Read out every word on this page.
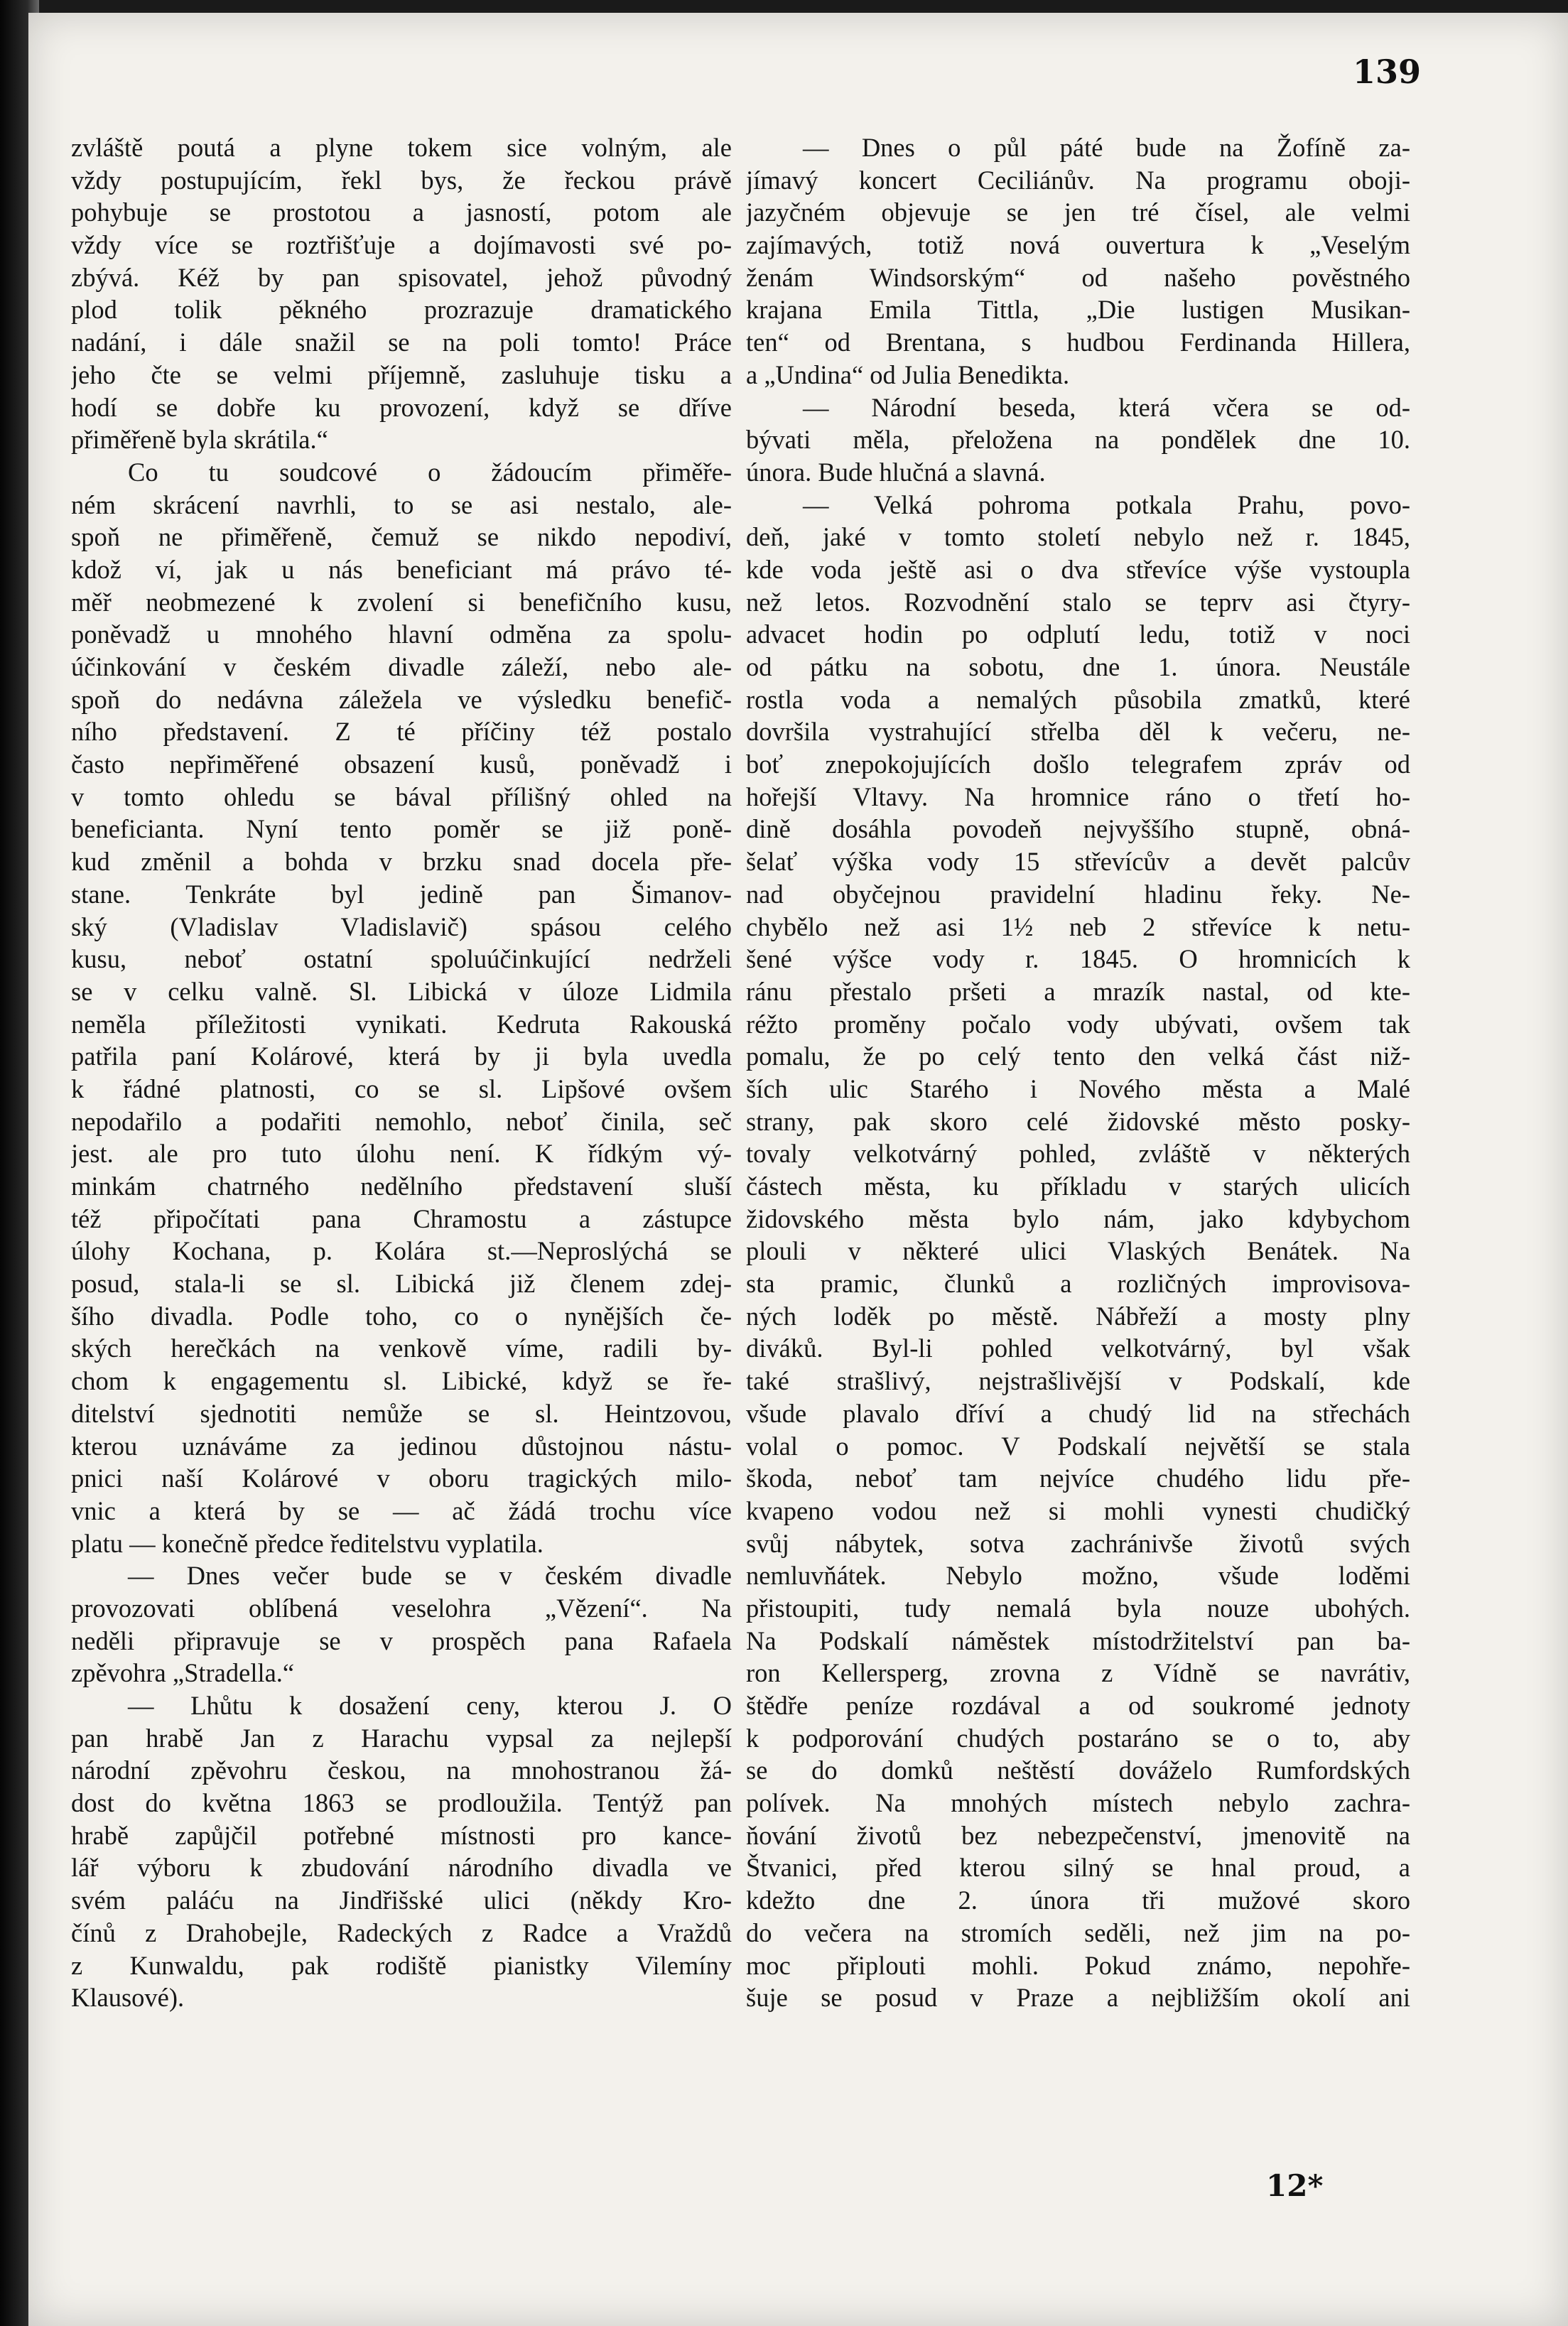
139
zvláště poutá a plyne tokem sice volným, ale
vždy postupujícím, řekl bys, že řeckou právě
pohybuje se prostotou a jasností, potom ale
vždy více se roztřišťuje a dojímavosti své po-
zbývá. Kéž by pan spisovatel, jehož původný
plod tolik pěkného prozrazuje dramatického
nadání, i dále snažil se na poli tomto! Práce
jeho čte se velmi příjemně, zasluhuje tisku a
hodí se dobře ku provození, když se dříve
přiměřeně byla skrátila.“
Co tu soudcové o žádoucím přiměře-
ném skrácení navrhli, to se asi nestalo, ale-
spoň ne přiměřeně, čemuž se nikdo nepodiví,
kdož ví, jak u nás beneficiant má právo té-
měř neobmezené k zvolení si benefičního kusu,
poněvadž u mnohého hlavní odměna za spolu-
účinkování v českém divadle záleží, nebo ale-
spoň do nedávna záležela ve výsledku benefič-
ního představení. Z té příčiny též postalo
často nepřiměřené obsazení kusů, poněvadž i
v tomto ohledu se bával přílišný ohled na
beneficianta. Nyní tento poměr se již poně-
kud změnil a bohda v brzku snad docela pře-
stane. Tenkráte byl jedině pan Šimanov-
ský (Vladislav Vladislavič) spásou celého
kusu, neboť ostatní spoluúčinkující nedrželi
se v celku valně. Sl. Libická v úloze Lidmila
neměla příležitosti vynikati. Kedruta Rakouská
patřila paní Kolárové, která by ji byla uvedla
k řádné platnosti, co se sl. Lipšové ovšem
nepodařilo a podařiti nemohlo, neboť činila, seč
jest. ale pro tuto úlohu není. K řídkým vý-
minkám chatrného nedělního představení sluší
též připočítati pana Chramostu a zástupce
úlohy Kochana, p. Kolára st.—Neproslýchá se
posud, stala-li se sl. Libická již členem zdej-
šího divadla. Podle toho, co o nynějších če-
ských herečkách na venkově víme, radili by-
chom k engagementu sl. Libické, když se ře-
ditelství sjednotiti nemůže se sl. Heintzovou,
kterou uznáváme za jedinou důstojnou nástu-
pnici naší Kolárové v oboru tragických milo-
vnic a která by se — ač žádá trochu více
platu — konečně předce ředitelstvu vyplatila.
— Dnes večer bude se v českém divadle
provozovati oblíbená veselohra „Vězení“. Na
neděli připravuje se v prospěch pana Rafaela
zpěvohra „Stradella.“
— Lhůtu k dosažení ceny, kterou J. O
pan hrabě Jan z Harachu vypsal za nejlepší
národní zpěvohru českou, na mnohostranou žá-
dost do května 1863 se prodloužila. Tentýž pan
hrabě zapůjčil potřebné místnosti pro kance-
lář výboru k zbudování národního divadla ve
svém paláću na Jindřišské ulici (někdy Kro-
čínů z Drahobejle, Radeckých z Radce a Vraždů
z Kunwaldu, pak rodiště pianistky Vilemíny
Klausové).
— Dnes o půl páté bude na Žofíně za-
jímavý koncert Ceciliánův. Na programu oboji-
jazyčném objevuje se jen tré čísel, ale velmi
zajímavých, totiž nová ouvertura k „Veselým
ženám Windsorským“ od našeho pověstného
krajana Emila Tittla, „Die lustigen Musikan-
ten“ od Brentana, s hudbou Ferdinanda Hillera,
a „Undina“ od Julia Benedikta.
— Národní beseda, která včera se od-
bývati měla, přeložena na pondělek dne 10.
února. Bude hlučná a slavná.
— Velká pohroma potkala Prahu, povo-
deň, jaké v tomto století nebylo než r. 1845,
kde voda ještě asi o dva střevíce výše vystoupla
než letos. Rozvodnění stalo se teprv asi čtyry-
advacet hodin po odplutí ledu, totiž v noci
od pátku na sobotu, dne 1. února. Neustále
rostla voda a nemalých působila zmatků, které
dovršila vystrahující střelba děl k večeru, ne-
boť znepokojujících došlo telegrafem zpráv od
hořejší Vltavy. Na hromnice ráno o třetí ho-
dině dosáhla povodeň nejvyššího stupně, obná-
šelať výška vody 15 střevícův a devět palcův
nad obyčejnou pravidelní hladinu řeky. Ne-
chybělo než asi 1½ neb 2 střevíce k netu-
šené výšce vody r. 1845. O hromnicích k
ránu přestalo pršeti a mrazík nastal, od kte-
réžto proměny počalo vody ubývati, ovšem tak
pomalu, že po celý tento den velká část niž-
ších ulic Starého i Nového města a Malé
strany, pak skoro celé židovské město posky-
tovaly velkotvárný pohled, zvláště v některých
částech města, ku příkladu v starých ulicích
židovského města bylo nám, jako kdybychom
plouli v některé ulici Vlaských Benátek. Na
sta pramic, člunků a rozličných improvisova-
ných loděk po městě. Nábřeží a mosty plny
diváků. Byl-li pohled velkotvárný, byl však
také strašlivý, nejstrašlivější v Podskalí, kde
všude plavalo dříví a chudý lid na střechách
volal o pomoc. V Podskalí největší se stala
škoda, neboť tam nejvíce chudého lidu pře-
kvapeno vodou než si mohli vynesti chudičký
svůj nábytek, sotva zachránivše životů svých
nemluvňátek. Nebylo možno, všude loděmi
přistoupiti, tudy nemalá byla nouze ubohých.
Na Podskalí náměstek místodržitelství pan ba-
ron Kellersperg, zrovna z Vídně se navrátiv,
štědře peníze rozdával a od soukromé jednoty
k podporování chudých postaráno se o to, aby
se do domků neštěstí dováželo Rumfordských
polívek. Na mnohých místech nebylo zachra-
ňování životů bez nebezpečenství, jmenovitě na
Štvanici, před kterou silný se hnal proud, a
kdežto dne 2. února tři mužové skoro
do večera na stromích seděli, než jim na po-
moc připlouti mohli. Pokud známo, nepohře-
šuje se posud v Praze a nejbližším okolí ani
12*
